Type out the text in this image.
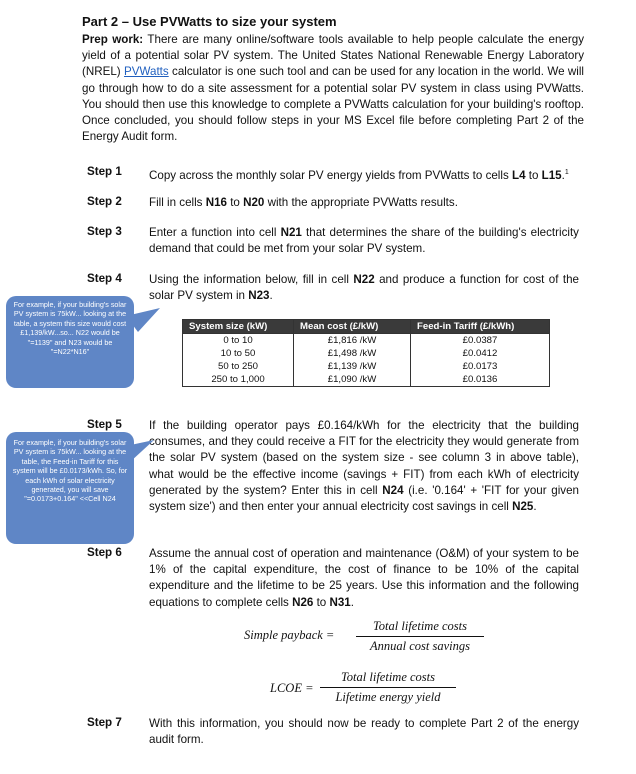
Part 2 – Use PVWatts to size your system
Prep work: There are many online/software tools available to help people calculate the energy yield of a potential solar PV system. The United States National Renewable Energy Laboratory (NREL) PVWatts calculator is one such tool and can be used for any location in the world. We will go through how to do a site assessment for a potential solar PV system in class using PVWatts. You should then use this knowledge to complete a PVWatts calculation for your building's rooftop. Once concluded, you should follow steps in your MS Excel file before completing Part 2 of the Energy Audit form.
Step 1 Copy across the monthly solar PV energy yields from PVWatts to cells L4 to L15.$^1$
Step 2 Fill in cells N16 to N20 with the appropriate PVWatts results.
Step 3 Enter a function into cell N21 that determines the share of the building's electricity demand that could be met from your solar PV system.
Step 4 Using the information below, fill in cell N22 and produce a function for cost of the solar PV system in N23.
For example, if your building's solar PV system is 75kW... looking at the table, a system this size would cost £1,139/kW...so... N22 would be "=1139" and N23 would be "=N22*N16"
System size (kW)	Mean cost (£/kW)	Feed-in Tariff (£/kWh)
0 to 10	£1,816 /kW	£0.0387
10 to 50	£1,498 /kW	£0.0412
50 to 250	£1,139 /kW	£0.0173
250 to 1,000	£1,090 /kW	£0.0136
Step 5 If the building operator pays £0.164/kWh for the electricity that the building consumes, and they could receive a FIT for the electricity they would generate from the solar PV system (based on the system size - see column 3 in above table), what would be the effective income (savings + FIT) from each kWh of electricity generated by the system? Enter this in cell N24 (i.e. '0.164' + 'FIT for your given system size') and then enter your annual electricity cost savings in cell N25.
For example, if your building's solar PV system is 75kW... looking at the table, the Feed-in Tariff for this system will be £0.0173/kWh. So, for each kWh of solar electricity generated, you will save "=0.0173+0.164" <<Cell N24
Step 6 Assume the annual cost of operation and maintenance (O&M) of your system to be 1% of the capital expenditure, the cost of finance to be 10% of the capital expenditure and the lifetime to be 25 years. Use this information and the following equations to complete cells N26 to N31.
Simple payback =
Total lifetime costs
Annual cost savings
LCOE =
Total lifetime costs
Lifetime energy yield
Step 7 With this information, you should now be ready to complete Part 2 of the energy audit form.
